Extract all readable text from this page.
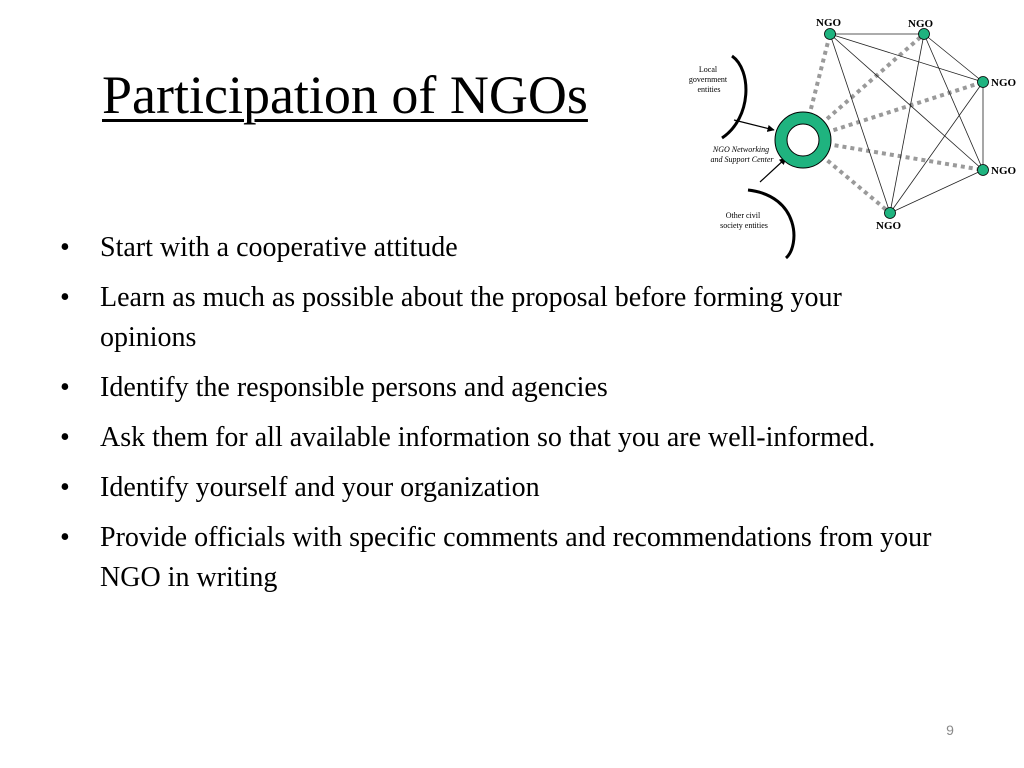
Participation of NGOs
NGO	NGO
NGO
NGO
NGO
Local government entities
NGO Networking and Support Center
Other civil society entities
•	Start with a cooperative attitude
•	Learn as much as possible about the proposal before forming your opinions
•	Identify the responsible persons and agencies
•	Ask them for all available information so that you are well-informed.
•	Identify yourself and your organization
•	Provide officials with specific comments and recommendations from your NGO in writing
9
